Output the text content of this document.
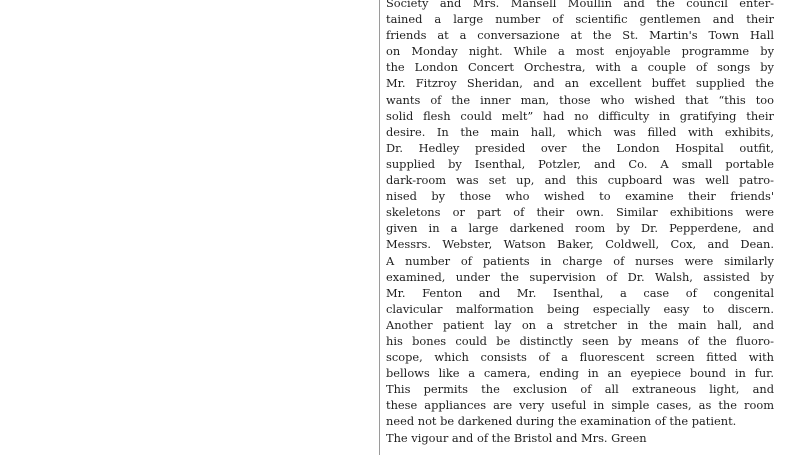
Society and Mrs. Mansell Moullin and the council enter-
tained a large number of scientific gentlemen and their
friends at a conversazione at the St. Martin's Town Hall
on Monday night. While a most enjoyable programme by
the London Concert Orchestra, with a couple of songs by
Mr. Fitzroy Sheridan, and an excellent buffet supplied the
wants of the inner man, those who wished that “this too
solid flesh could melt” had no difficulty in gratifying their
desire. In the main hall, which was filled with exhibits,
Dr. Hedley presided over the London Hospital outfit,
supplied by Isenthal, Potzler, and Co. A small portable
dark-room was set up, and this cupboard was well patro-
nised by those who wished to examine their friends'
skeletons or part of their own. Similar exhibitions were
given in a large darkened room by Dr. Pepperdene, and
Messrs. Webster, Watson Baker, Coldwell, Cox, and Dean.
A number of patients in charge of nurses were similarly
examined, under the supervision of Dr. Walsh, assisted by
Mr. Fenton and Mr. Isenthal, a case of congenital
clavicular malformation being especially easy to discern.
Another patient lay on a stretcher in the main hall, and
his bones could be distinctly seen by means of the fluoro-
scope, which consists of a fluorescent screen fitted with
bellows like a camera, ending in an eyepiece bound in fur.
This permits the exclusion of all extraneous light, and
these appliances are very useful in simple cases, as the room
need not be darkened during the examination of the patient.
The vigour and of the Bristol and Mrs. Green
